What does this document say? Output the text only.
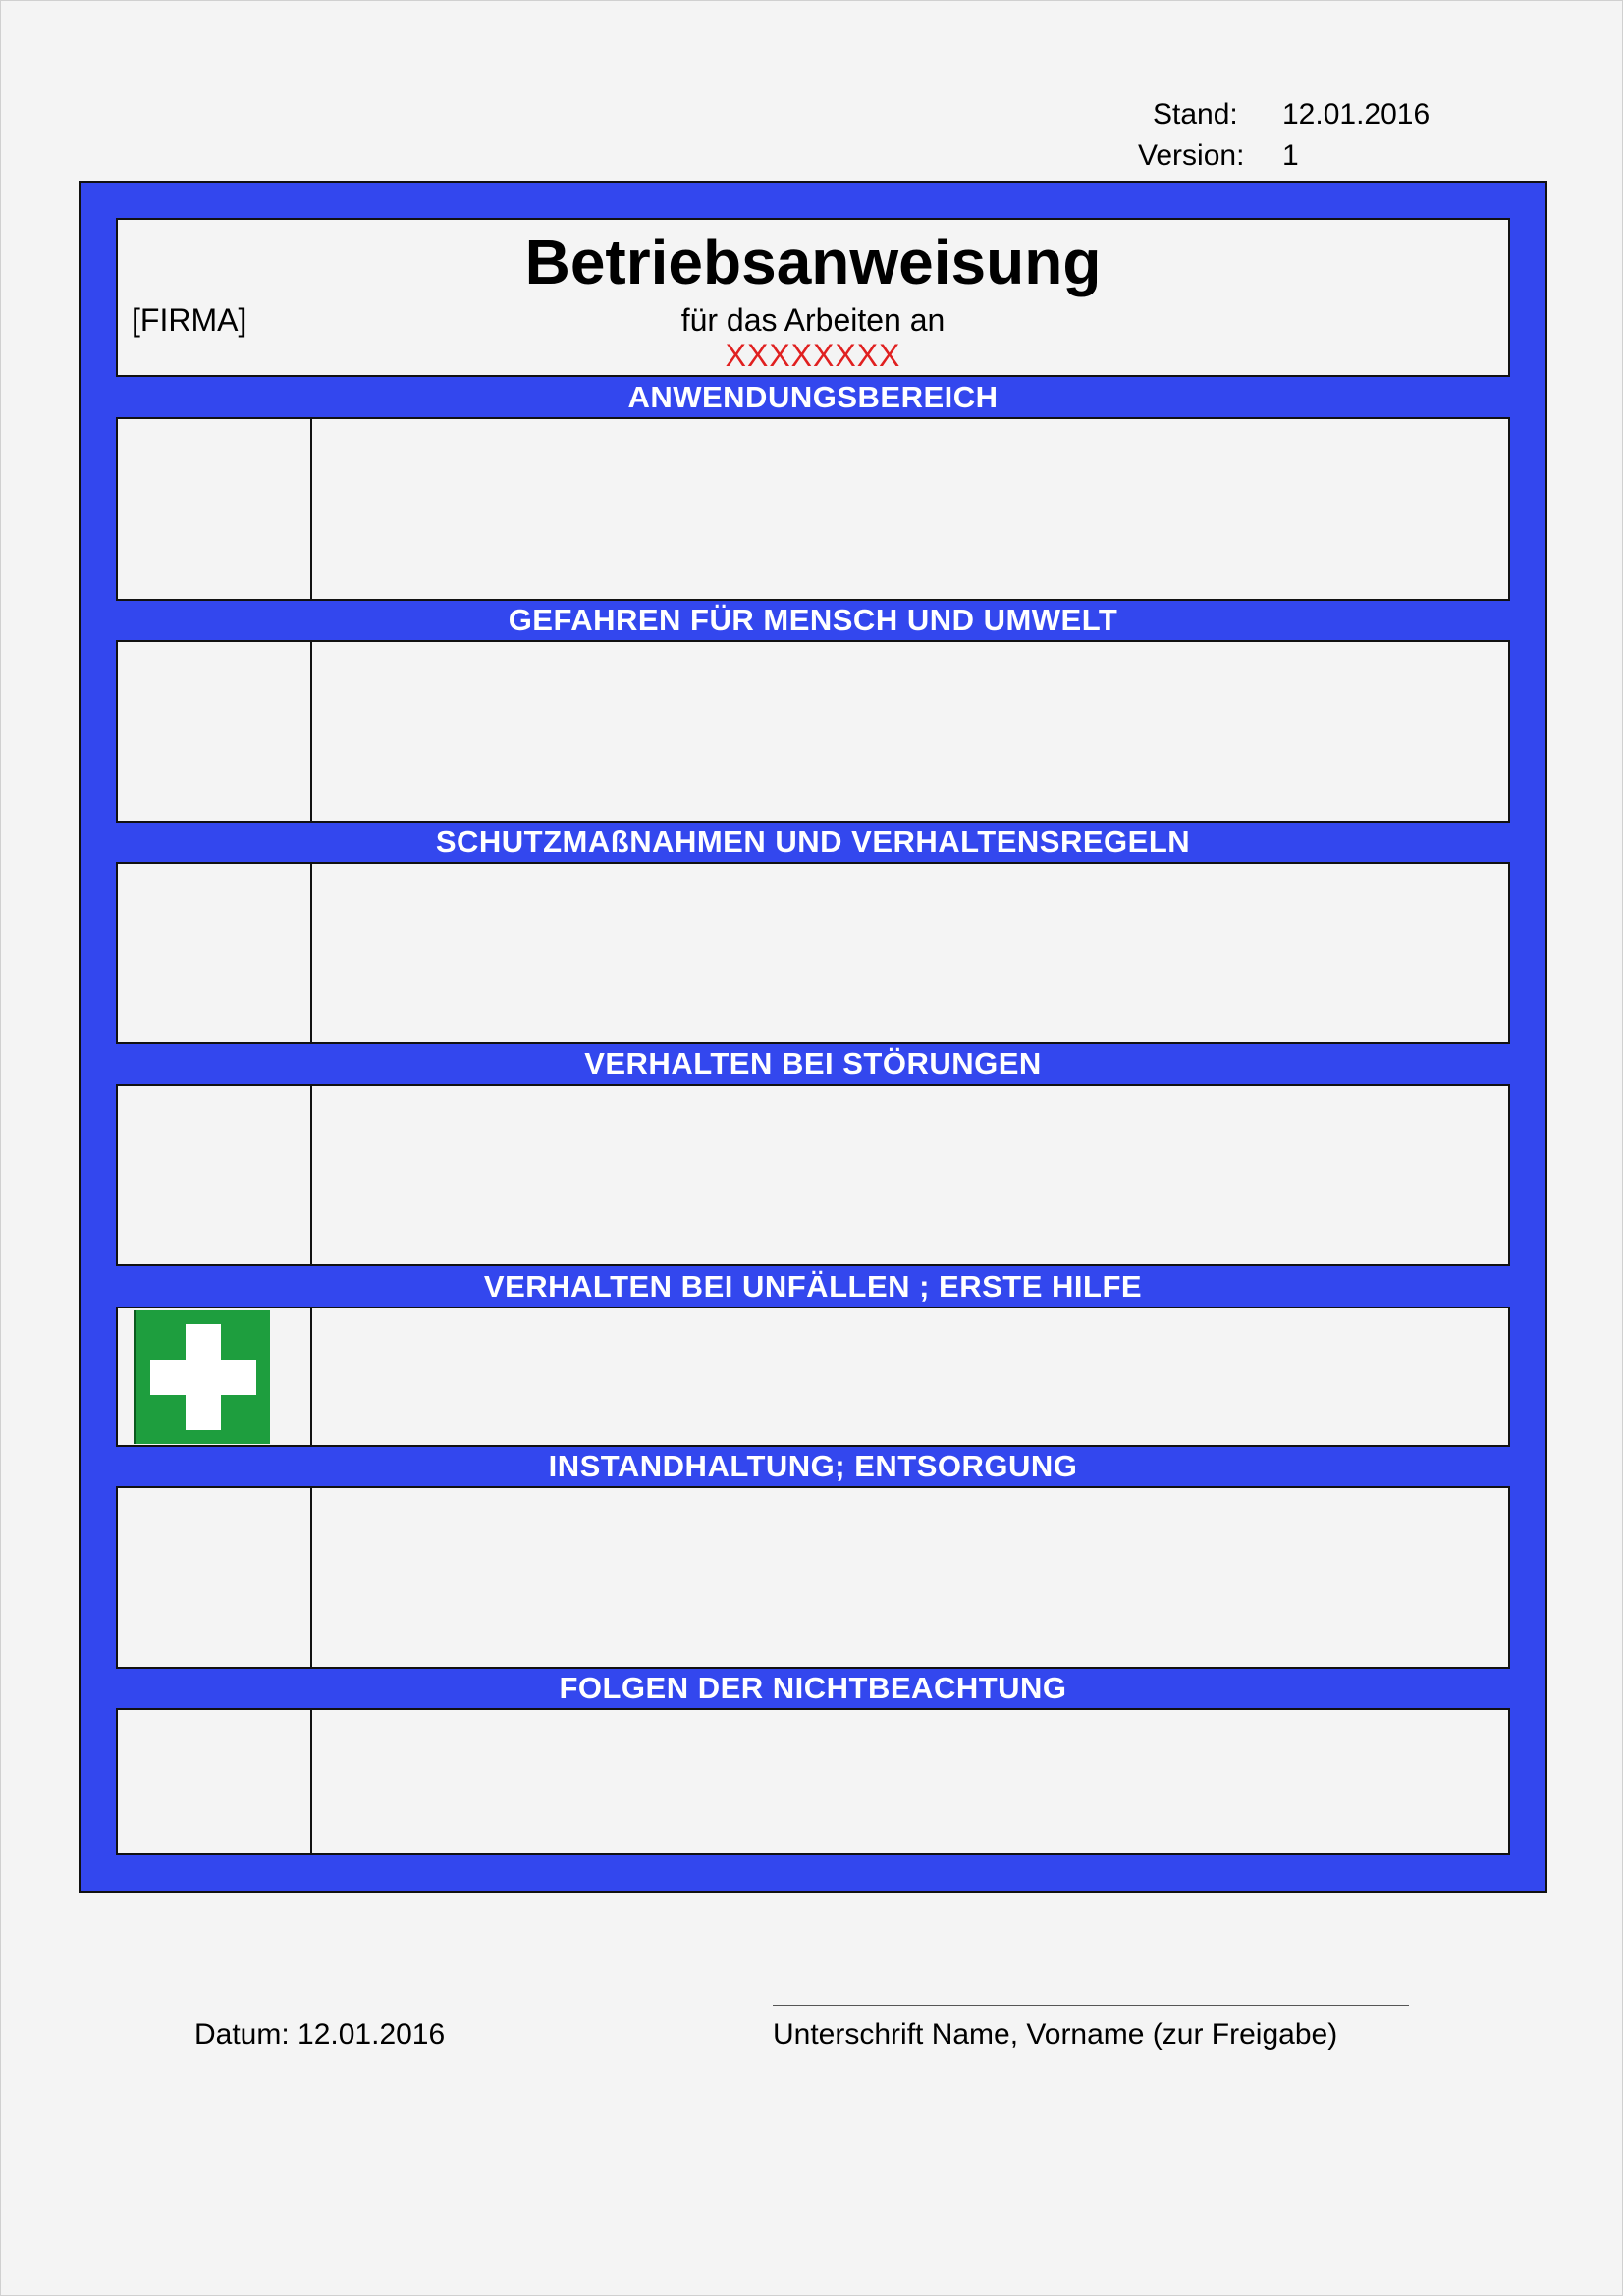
Stand: 12.01.2016
Version: 1
Betriebsanweisung
[FIRMA]	für das Arbeiten an
XXXXXXXX
ANWENDUNGSBEREICH
GEFAHREN FÜR MENSCH UND UMWELT
SCHUTZMAßNAHMEN UND VERHALTENSREGELN
VERHALTEN BEI STÖRUNGEN
VERHALTEN BEI UNFÄLLEN ; ERSTE HILFE
INSTANDHALTUNG; ENTSORGUNG
FOLGEN DER NICHTBEACHTUNG
Datum: 12.01.2016	Unterschrift Name, Vorname (zur Freigabe)
